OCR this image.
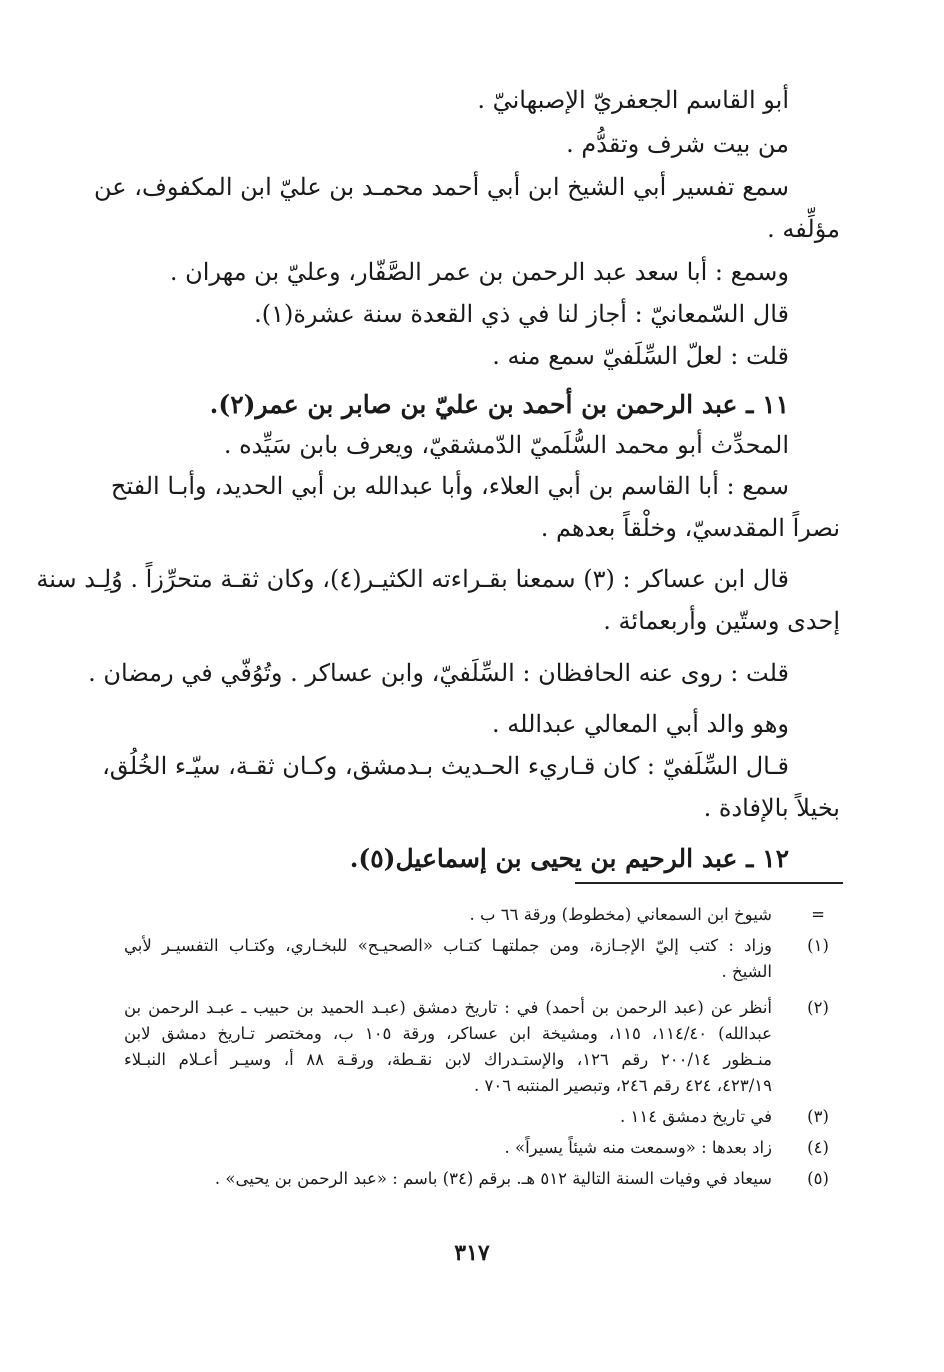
أبو القاسم الجعفريّ الإصبهانيّ .
من بيت شرف وتقدُّم .
سمع تفسير أبي الشيخ ابن أبي أحمد محمـد بن عليّ ابن المكفوف، عن
مؤلِّفه .
وسمع : أبا سعد عبد الرحمن بن عمر الصَّفّار، وعليّ بن مهران .
قال السّمعانيّ : أجاز لنا في ذي القعدة سنة عشرة(١).
قلت : لعلّ السِّلَفيّ سمع منه .
١١ ـ عبد الرحمن بن أحمد بن عليّ بن صابر بن عمر(٢).
المحدِّث أبو محمد السُّلَميّ الدّمشقيّ، ويعرف بابن سَيِّده .
سمع : أبا القاسم بن أبي العلاء، وأبا عبدالله بن أبي الحديد، وأبـا الفتح
نصراً المقدسيّ، وخلْقاً بعدهم .
قال ابن عساكر : (٣) سمعنا بقـراءته الكثيـر(٤)، وكان ثقـة متحرِّزاً . وُلِـد سنة
إحدى وستّين وأربعمائة .
قلت : روى عنه الحافظان : السِّلَفيّ، وابن عساكر . وتُوُفّي في رمضان .
وهو والد أبي المعالي عبدالله .
قـال السِّلَفيّ : كان قـاريء الحـديث بـدمشق، وكـان ثقـة، سيّـء الخُلُق،
بخيلاً بالإفادة .
١٢ ـ عبد الرحيم بن يحيى بن إسماعيل(٥).
=
شيوخ ابن السمعاني (مخطوط) ورقة ٦٦ ب .
(١)
وزاد : كتب إليّ الإجـازة، ومن جملتهـا كتـاب «الصحيـح» للبخـاري، وكتـاب التفسيـر لأبي
الشيخ .
(٢)
أنظر عن (عبد الرحمن بن أحمد) في : تاريخ دمشق (عبـد الحميد بن حبيب ـ عبـد الرحمن بن
عبدالله) ١١٤/٤٠، ١١٥، ومشيخة ابن عساكر، ورقة ١٠٥ ب، ومختصر تـاريخ دمشق لابن
منـظور ٢٠٠/١٤ رقم ١٢٦، والإستـدراك لابن نقـطة، ورقـة ٨٨ أ، وسيـر أعـلام النبـلاء
٤٢٣/١٩، ٤٢٤ رقم ٢٤٦، وتبصير المنتبه ٧٠٦ .
(٣)
في تاريخ دمشق ١١٤ .
(٤)
زاد بعدها : «وسمعت منه شيئاً يسيراً» .
(٥)
سيعاد في وفيات السنة التالية ٥١٢ هـ. برقم (٣٤) باسم : «عبد الرحمن بن يحيى» .
٣١٧
